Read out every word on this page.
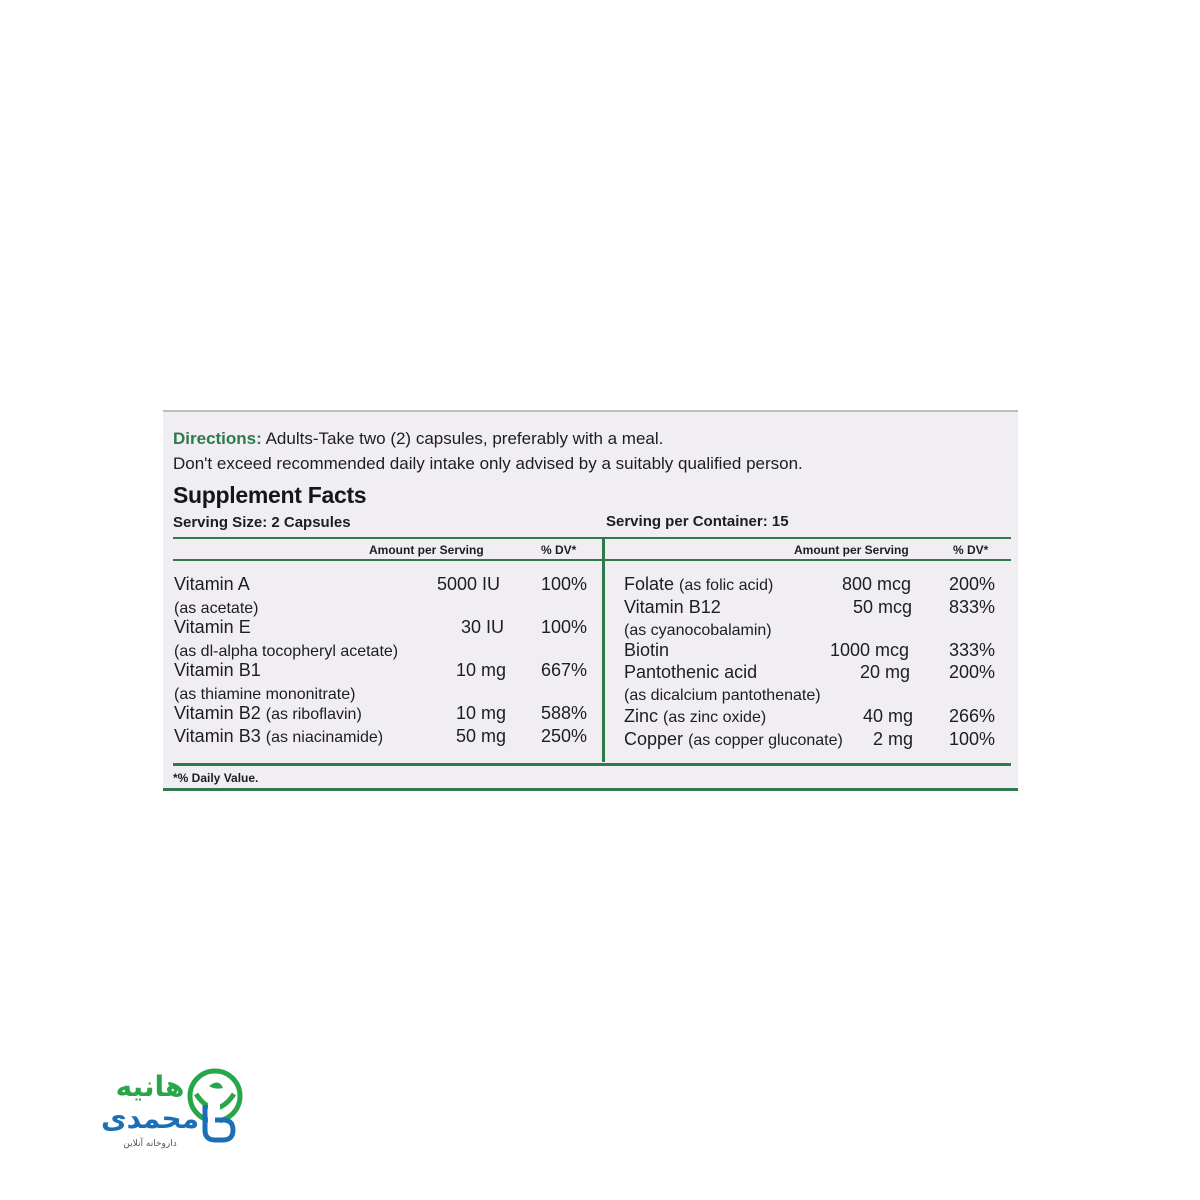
Directions: Adults-Take two (2) capsules, preferably with a meal.
Don't exceed recommended daily intake only advised by a suitably qualified person.
Supplement Facts
Serving Size: 2 Capsules	Serving per Container: 15
Amount per Serving	% DV*	Amount per Serving	% DV*
Vitamin A	5000 IU 100%
(as acetate)
Vitamin E	30 IU 100%
(as dl-alpha tocopheryl acetate)
Vitamin B1	10 mg 667%
(as thiamine mononitrate)
Vitamin B2 (as riboflavin)	10 mg 588%
Vitamin B3 (as niacinamide)	50 mg 250%
Folate (as folic acid)	800 mcg 200%
Vitamin B12	50 mcg 833%
(as cyanocobalamin)
Biotin	1000 mcg 333%
Pantothenic acid	20 mg 200%
(as dicalcium pantothenate)
Zinc (as zinc oxide)	40 mg 266%
Copper (as copper gluconate) 2 mg 100%
*% Daily Value.
هانیه
محمدی
داروخانه آنلاین
